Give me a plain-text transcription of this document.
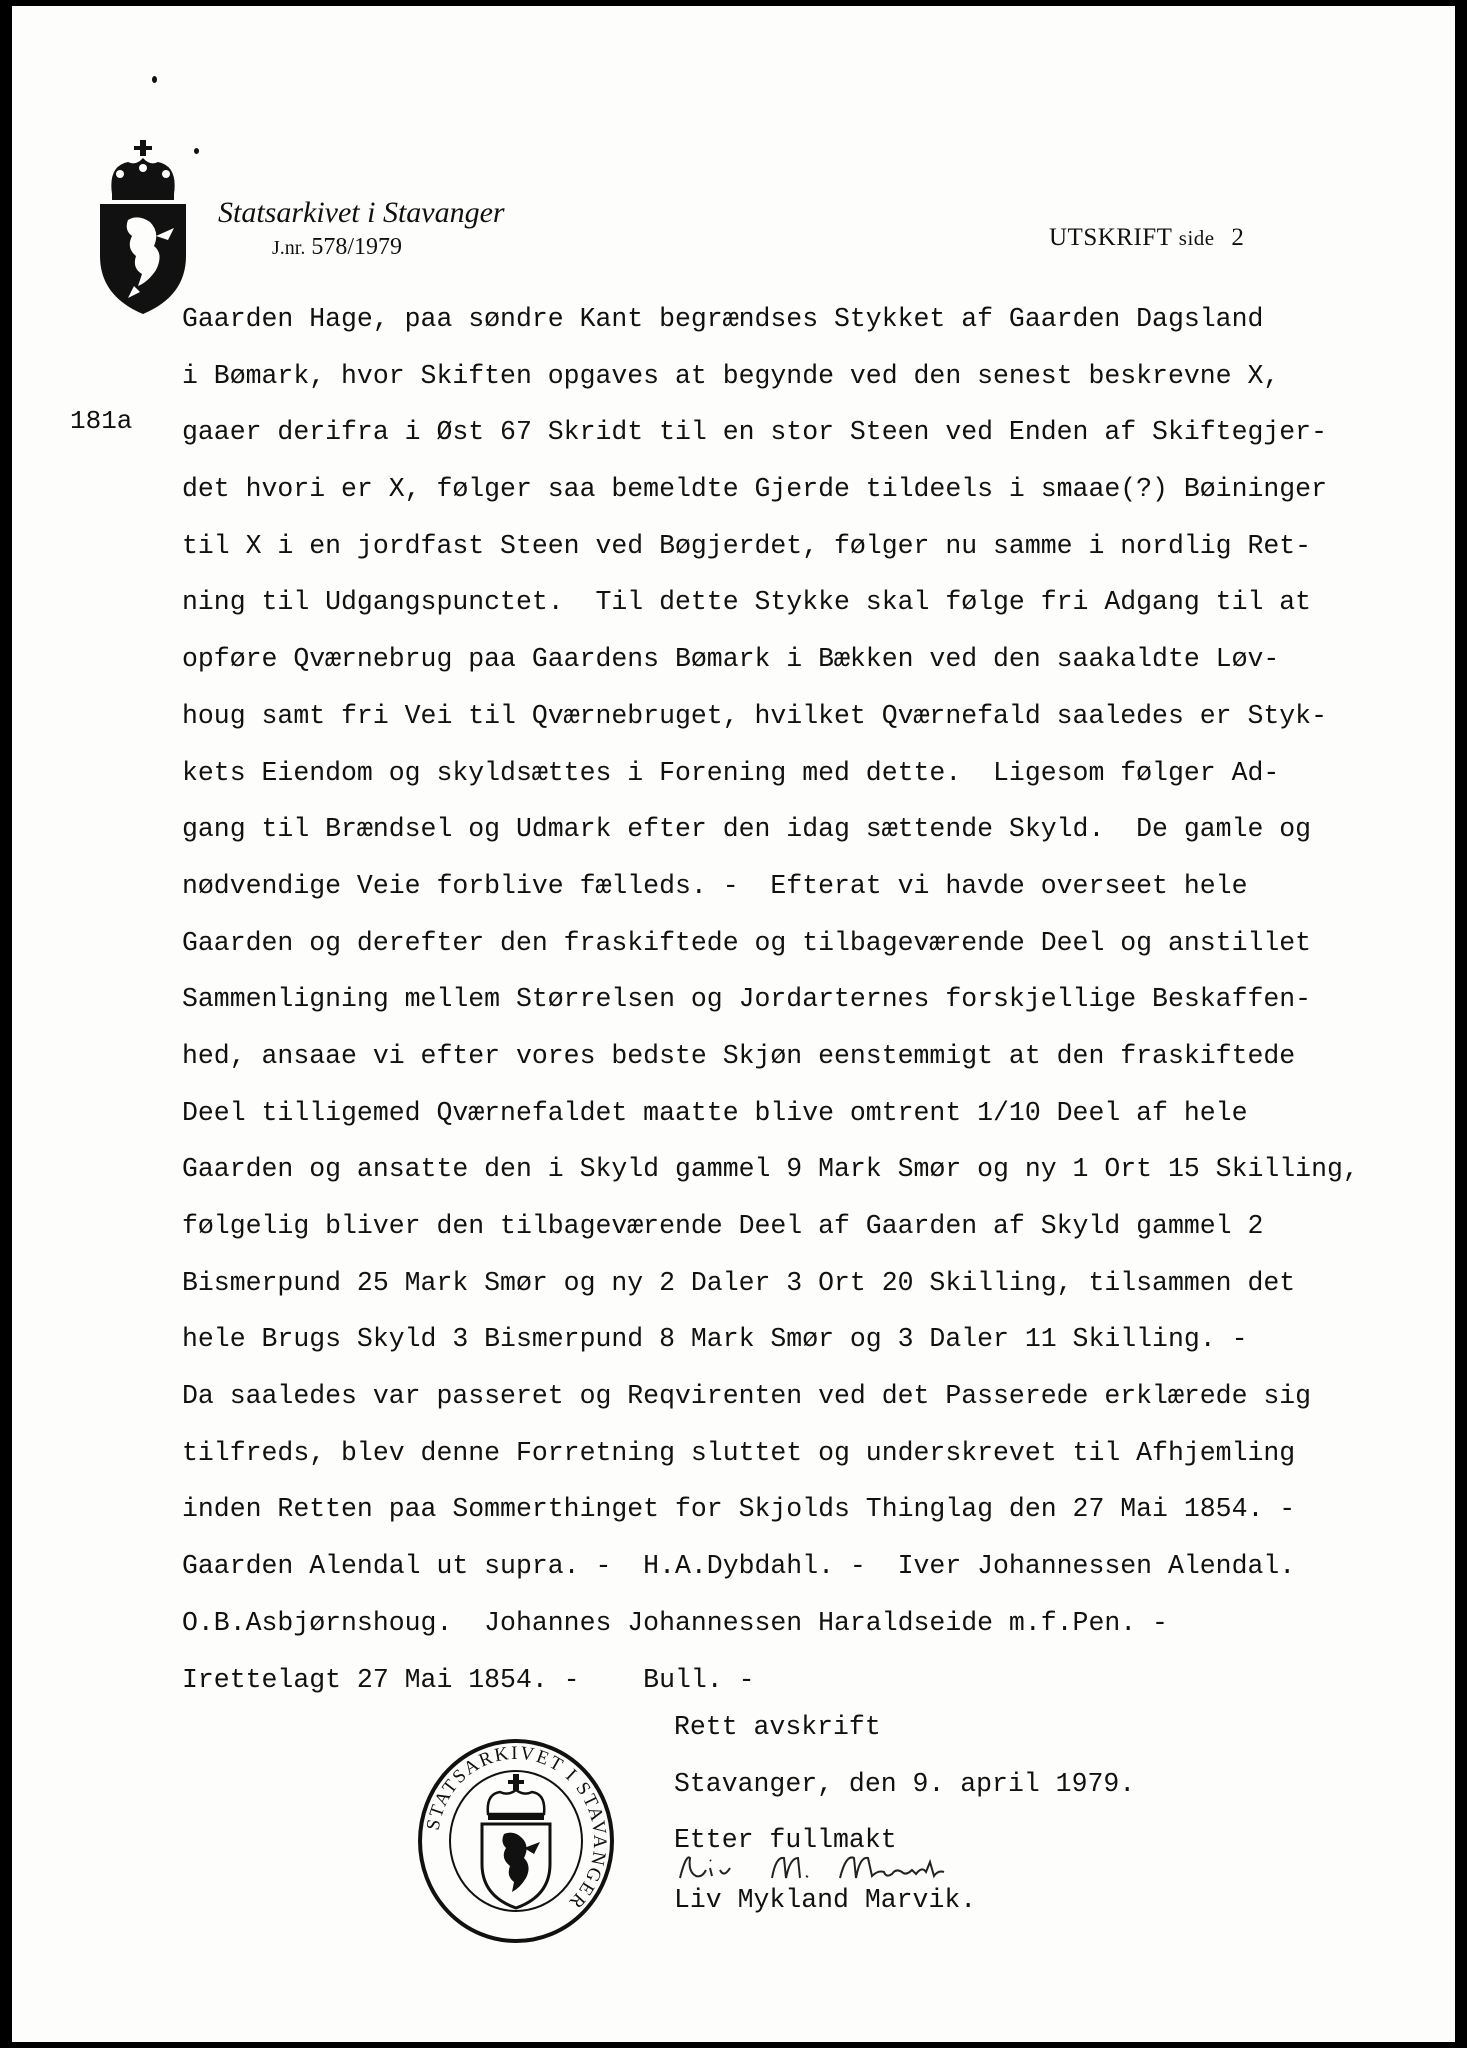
Statsarkivet i Stavanger
J.nr. 578/1979	UTSKRIFT side 2
181a
Gaarden Hage, paa søndre Kant begrændses Stykket af Gaarden Dagsland
i Bømark, hvor Skiften opgaves at begynde ved den senest beskrevne X,
gaaer derifra i Øst 67 Skridt til en stor Steen ved Enden af Skiftegjer-
det hvori er X, følger saa bemeldte Gjerde tildeels i smaae(?) Bøininger
til X i en jordfast Steen ved Bøgjerdet, følger nu samme i nordlig Ret-
ning til Udgangspunctet.  Til dette Stykke skal følge fri Adgang til at
opføre Qværnebrug paa Gaardens Bømark i Bækken ved den saakaldte Løv-
houg samt fri Vei til Qværnebruget, hvilket Qværnefald saaledes er Styk-
kets Eiendom og skyldsættes i Forening med dette.  Ligesom følger Ad-
gang til Brændsel og Udmark efter den idag sættende Skyld.  De gamle og
nødvendige Veie forblive fælleds. -  Efterat vi havde overseet hele
Gaarden og derefter den fraskiftede og tilbageværende Deel og anstillet
Sammenligning mellem Størrelsen og Jordarternes forskjellige Beskaffen-
hed, ansaae vi efter vores bedste Skjøn eenstemmigt at den fraskiftede
Deel tilligemed Qværnefaldet maatte blive omtrent 1/10 Deel af hele
Gaarden og ansatte den i Skyld gammel 9 Mark Smør og ny 1 Ort 15 Skilling,
følgelig bliver den tilbageværende Deel af Gaarden af Skyld gammel 2
Bismerpund 25 Mark Smør og ny 2 Daler 3 Ort 20 Skilling, tilsammen det
hele Brugs Skyld 3 Bismerpund 8 Mark Smør og 3 Daler 11 Skilling. -
Da saaledes var passeret og Reqvirenten ved det Passerede erklærede sig
tilfreds, blev denne Forretning sluttet og underskrevet til Afhjemling
inden Retten paa Sommerthinget for Skjolds Thinglag den 27 Mai 1854. -
Gaarden Alendal ut supra. -  H.A.Dybdahl. -  Iver Johannessen Alendal.
O.B.Asbjørnshoug.  Johannes Johannessen Haraldseide m.f.Pen. -
Irettelagt 27 Mai 1854. -    Bull. -
Rett avskrift
Stavanger, den 9. april 1979.
Etter fullmakt
Liv Mykland Marvik.
STATSARKIVET I STAVANGER
